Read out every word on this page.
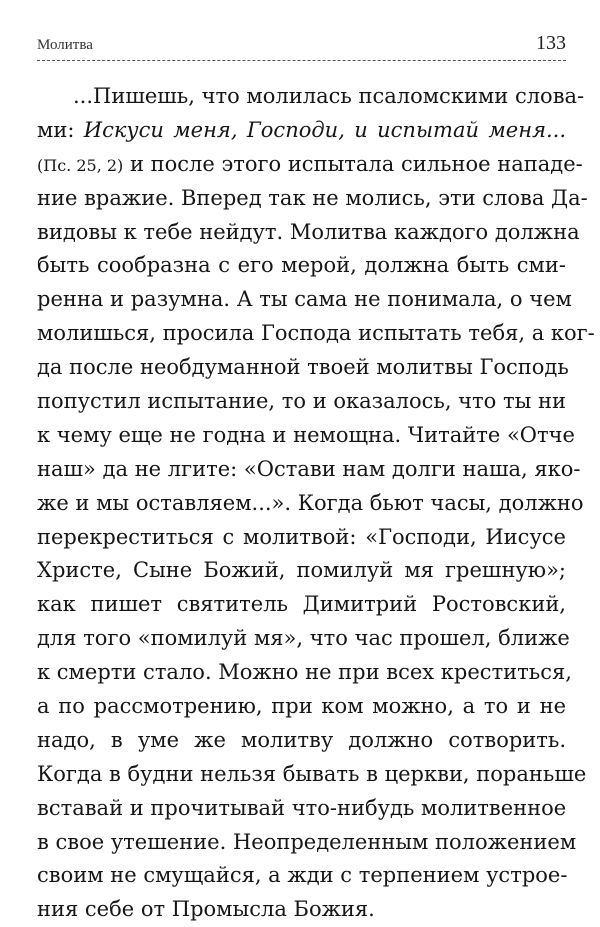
Молитва	133
...Пишешь, что молилась псаломскими слова-
ми: Искуси меня, Господи, и испытай меня...
(Пс. 25, 2) и после этого испытала сильное нападе-
ние вражие. Вперед так не молись, эти слова Да-
видовы к тебе нейдут. Молитва каждого должна
быть сообразна с его мерой, должна быть сми-
ренна и разумна. А ты сама не понимала, о чем
молишься, просила Господа испытать тебя, а ког-
да после необдуманной твоей молитвы Господь
попустил испытание, то и оказалось, что ты ни
к чему еще не годна и немощна. Читайте «Отче
наш» да не лгите: «Остави нам долги наша, яко-
же и мы оставляем...». Когда бьют часы, должно
перекреститься с молитвой: «Господи, Иисусе
Христе, Сыне Божий, помилуй мя грешную»;
как пишет святитель Димитрий Ростовский,
для того «помилуй мя», что час прошел, ближе
к смерти стало. Можно не при всех креститься,
а по рассмотрению, при ком можно, а то и не
надо, в уме же молитву должно сотворить.
Когда в будни нельзя бывать в церкви, пораньше
вставай и прочитывай что-нибудь молитвенное
в свое утешение. Неопределенным положением
своим не смущайся, а жди с терпением устрое-
ния себе от Промысла Божия.
